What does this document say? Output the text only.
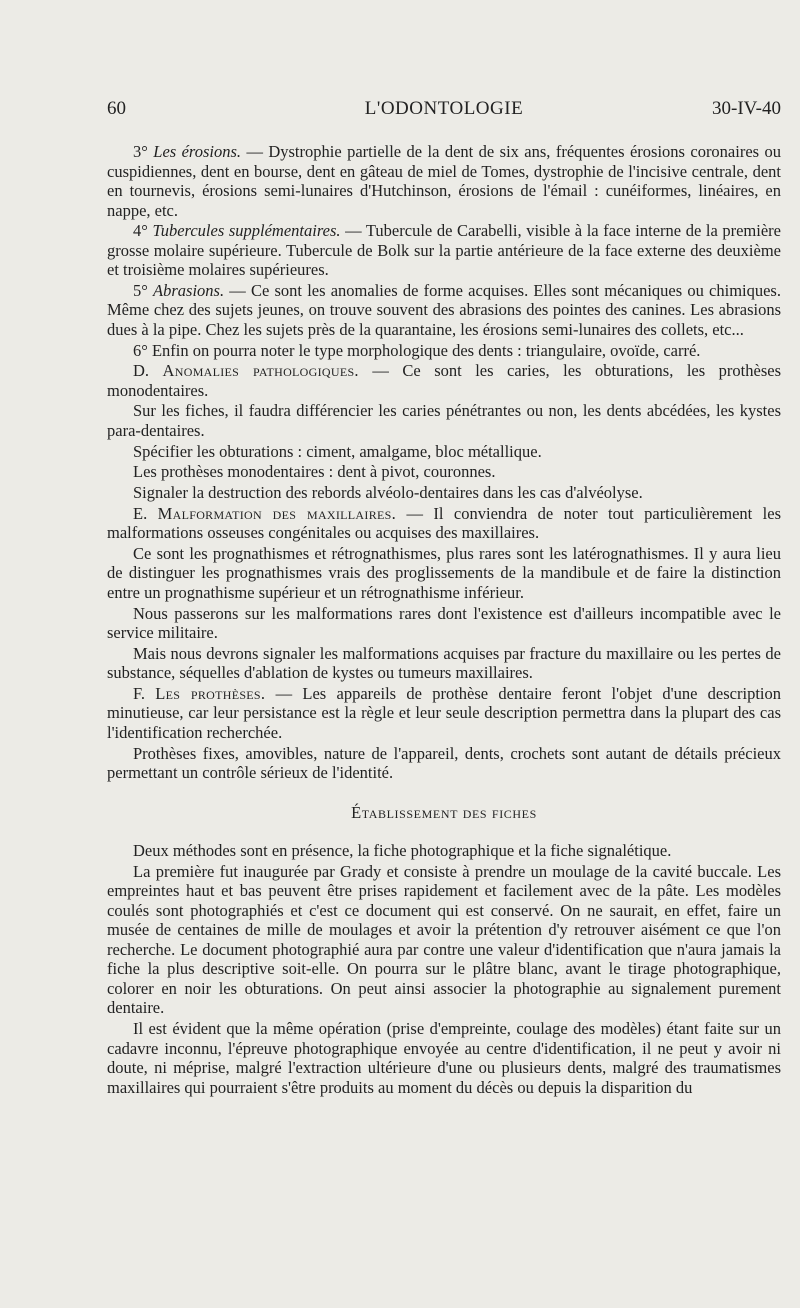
60	L'ODONTOLOGIE	30-IV-40

3° Les érosions. — Dystrophie partielle de la dent de six ans, fréquentes érosions coronaires ou cuspidiennes, dent en bourse, dent en gâteau de miel de Tomes, dystrophie de l'incisive centrale, dent en tournevis, érosions semi-lunaires d'Hutchinson, érosions de l'émail : cunéiformes, linéaires, en nappe, etc.

4° Tubercules supplémentaires. — Tubercule de Carabelli, visible à la face interne de la première grosse molaire supérieure. Tubercule de Bolk sur la partie antérieure de la face externe des deuxième et troisième molaires supérieures.

5° Abrasions. — Ce sont les anomalies de forme acquises. Elles sont mécaniques ou chimiques. Même chez des sujets jeunes, on trouve souvent des abrasions des pointes des canines. Les abrasions dues à la pipe. Chez les sujets près de la quarantaine, les érosions semi-lunaires des collets, etc...

6° Enfin on pourra noter le type morphologique des dents : triangulaire, ovoïde, carré.

D. Anomalies pathologiques. — Ce sont les caries, les obturations, les prothèses monodentaires.

Sur les fiches, il faudra différencier les caries pénétrantes ou non, les dents abcédées, les kystes para-dentaires.

Spécifier les obturations : ciment, amalgame, bloc métallique.

Les prothèses monodentaires : dent à pivot, couronnes.

Signaler la destruction des rebords alvéolo-dentaires dans les cas d'alvéolyse.

E. Malformation des maxillaires. — Il conviendra de noter tout particulièrement les malformations osseuses congénitales ou acquises des maxillaires.

Ce sont les prognathismes et rétrognathismes, plus rares sont les latérognathismes. Il y aura lieu de distinguer les prognathismes vrais des proglissements de la mandibule et de faire la distinction entre un prognathisme supérieur et un rétrognathisme inférieur.

Nous passerons sur les malformations rares dont l'existence est d'ailleurs incompatible avec le service militaire.

Mais nous devrons signaler les malformations acquises par fracture du maxillaire ou les pertes de substance, séquelles d'ablation de kystes ou tumeurs maxillaires.

F. Les prothèses. — Les appareils de prothèse dentaire feront l'objet d'une description minutieuse, car leur persistance est la règle et leur seule description permettra dans la plupart des cas l'identification recherchée.

Prothèses fixes, amovibles, nature de l'appareil, dents, crochets sont autant de détails précieux permettant un contrôle sérieux de l'identité.

Établissement des fiches

Deux méthodes sont en présence, la fiche photographique et la fiche signalétique.

La première fut inaugurée par Grady et consiste à prendre un moulage de la cavité buccale. Les empreintes haut et bas peuvent être prises rapidement et facilement avec de la pâte. Les modèles coulés sont photographiés et c'est ce document qui est conservé. On ne saurait, en effet, faire un musée de centaines de mille de moulages et avoir la prétention d'y retrouver aisément ce que l'on recherche. Le document photographié aura par contre une valeur d'identification que n'aura jamais la fiche la plus descriptive soit-elle. On pourra sur le plâtre blanc, avant le tirage photographique, colorer en noir les obturations. On peut ainsi associer la photographie au signalement purement dentaire.

Il est évident que la même opération (prise d'empreinte, coulage des modèles) étant faite sur un cadavre inconnu, l'épreuve photographique envoyée au centre d'identification, il ne peut y avoir ni doute, ni méprise, malgré l'extraction ultérieure d'une ou plusieurs dents, malgré des traumatismes maxillaires qui pourraient s'être produits au moment du décès ou depuis la disparition du
